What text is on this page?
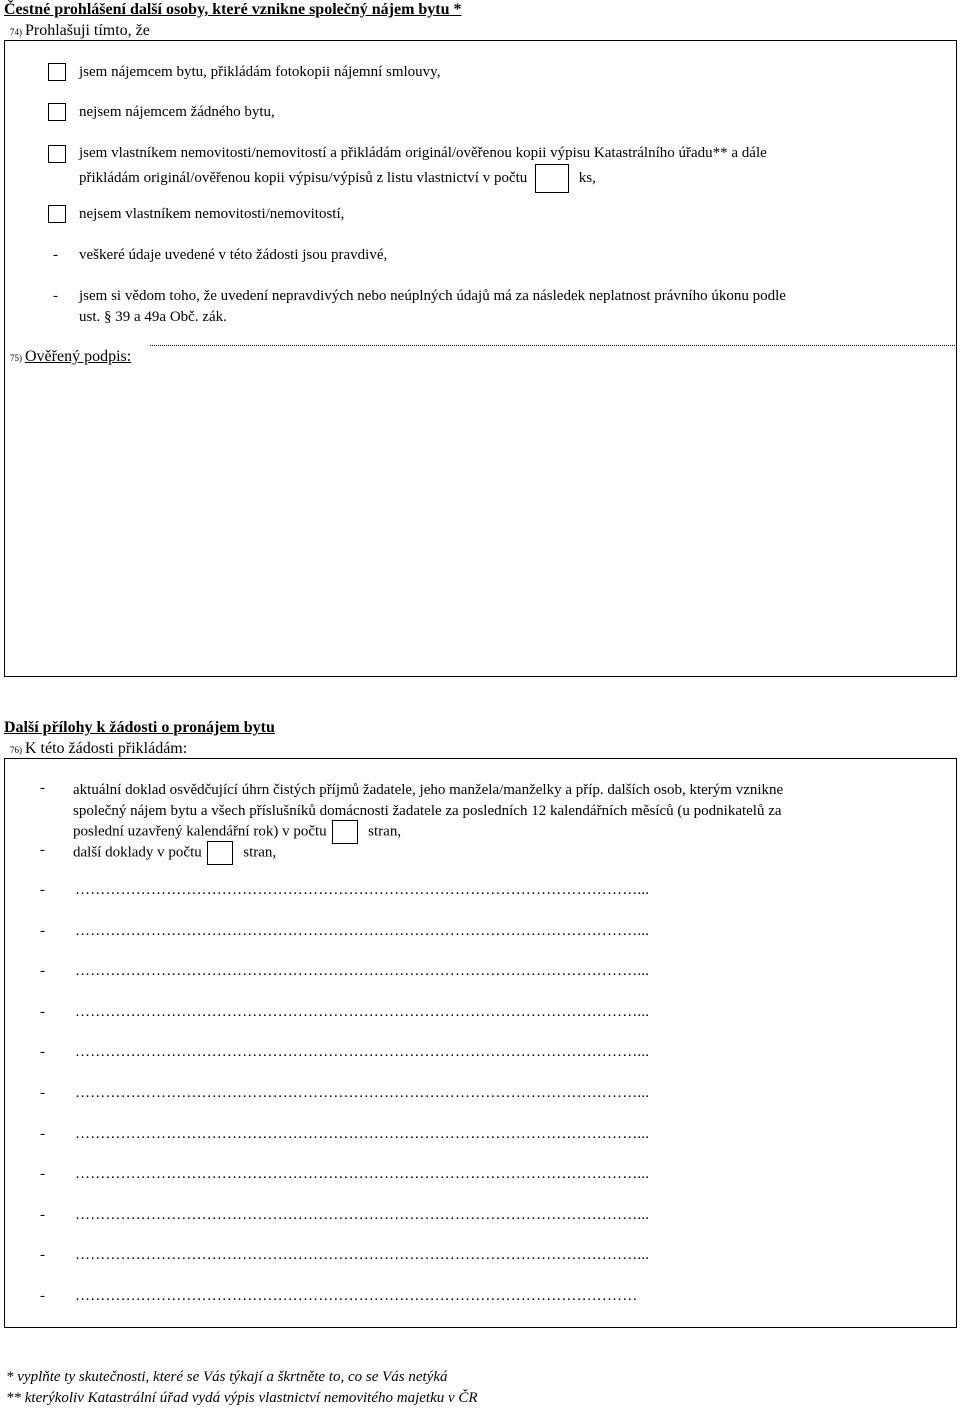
Čestné prohlášení další osoby, které vznikne společný nájem bytu *
74) Prohlašuji tímto, že
jsem nájemcem bytu, přikládám fotokopii nájemní smlouvy,
nejsem nájemcem žádného bytu,
jsem vlastníkem nemovitosti/nemovitostí a přikládám originál/ověřenou kopii výpisu Katastrálního úřadu** a dále
přikládám originál/ověřenou kopii výpisu/výpisů z listu vlastnictví v počtu	ks,
nejsem vlastníkem nemovitosti/nemovitostí,
- veškeré údaje uvedené v této žádosti jsou pravdivé,
- jsem si vědom toho, že uvedení nepravdivých nebo neúplných údajů má za následek neplatnost právního úkonu podle
ust. § 39 a 49a Obč. zák.
75) Ověřený podpis:
Další přílohy k žádosti o pronájem bytu
76) K této žádosti přikládám:
- aktuální doklad osvědčující úhrn čistých příjmů žadatele, jeho manžela/manželky a příp. dalších osob, kterým vznikne
společný nájem bytu a všech příslušníků domácnosti žadatele za posledních 12 kalendářních měsíců (u podnikatelů za
poslední uzavřený kalendářní rok) v počtu	stran,
- další doklady v počtu	stran,
- …………………………………………………………………………………………………...
- …………………………………………………………………………………………………...
- …………………………………………………………………………………………………...
- …………………………………………………………………………………………………...
- …………………………………………………………………………………………………...
- …………………………………………………………………………………………………...
- …………………………………………………………………………………………………...
- …………………………………………………………………………………………………...
- …………………………………………………………………………………………………...
- …………………………………………………………………………………………………...
- …………………………………………………………………………………………………
* vyplňte ty skutečnosti, které se Vás týkají a škrtněte to, co se Vás netýká
** kterýkoliv Katastrální úřad vydá výpis vlastnictví nemovitého majetku v ČR
